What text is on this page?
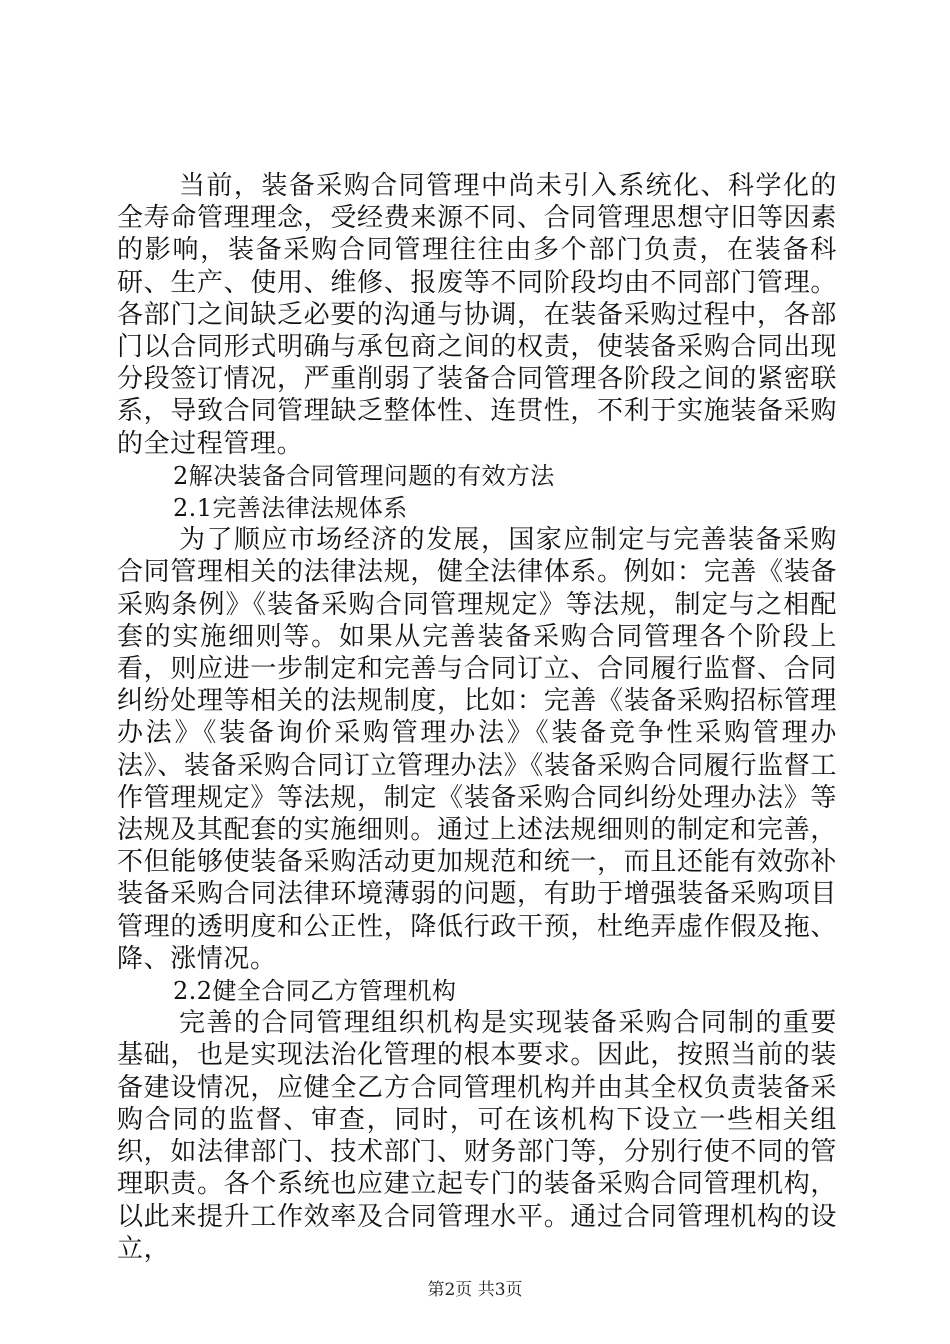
当前，装备采购合同管理中尚未引入系统化、科学化的全寿命管理理念，受经费来源不同、合同管理思想守旧等因素的影响，装备采购合同管理往往由多个部门负责，在装备科研、生产、使用、维修、报废等不同阶段均由不同部门管理。各部门之间缺乏必要的沟通与协调，在装备采购过程中，各部门以合同形式明确与承包商之间的权责，使装备采购合同出现分段签订情况，严重削弱了装备合同管理各阶段之间的紧密联系，导致合同管理缺乏整体性、连贯性，不利于实施装备采购的全过程管理。

2解决装备合同管理问题的有效方法

2.1完善法律法规体系

为了顺应市场经济的发展，国家应制定与完善装备采购合同管理相关的法律法规，健全法律体系。例如：完善《装备采购条例》《装备采购合同管理规定》等法规，制定与之相配套的实施细则等。如果从完善装备采购合同管理各个阶段上看，则应进一步制定和完善与合同订立、合同履行监督、合同纠纷处理等相关的法规制度，比如：完善《装备采购招标管理办法》《装备询价采购管理办法》《装备竞争性采购管理办法》、装备采购合同订立管理办法》《装备采购合同履行监督工作管理规定》等法规，制定《装备采购合同纠纷处理办法》等法规及其配套的实施细则。通过上述法规细则的制定和完善，不但能够使装备采购活动更加规范和统一，而且还能有效弥补装备采购合同法律环境薄弱的问题，有助于增强装备采购项目管理的透明度和公正性，降低行政干预，杜绝弄虚作假及拖、降、涨情况。

2.2健全合同乙方管理机构

完善的合同管理组织机构是实现装备采购合同制的重要基础，也是实现法治化管理的根本要求。因此，按照当前的装备建设情况，应健全乙方合同管理机构并由其全权负责装备采购合同的监督、审查，同时，可在该机构下设立一些相关组织，如法律部门、技术部门、财务部门等，分别行使不同的管理职责。各个系统也应建立起专门的装备采购合同管理机构，以此来提升工作效率及合同管理水平。通过合同管理机构的设立，

第2页 共3页
